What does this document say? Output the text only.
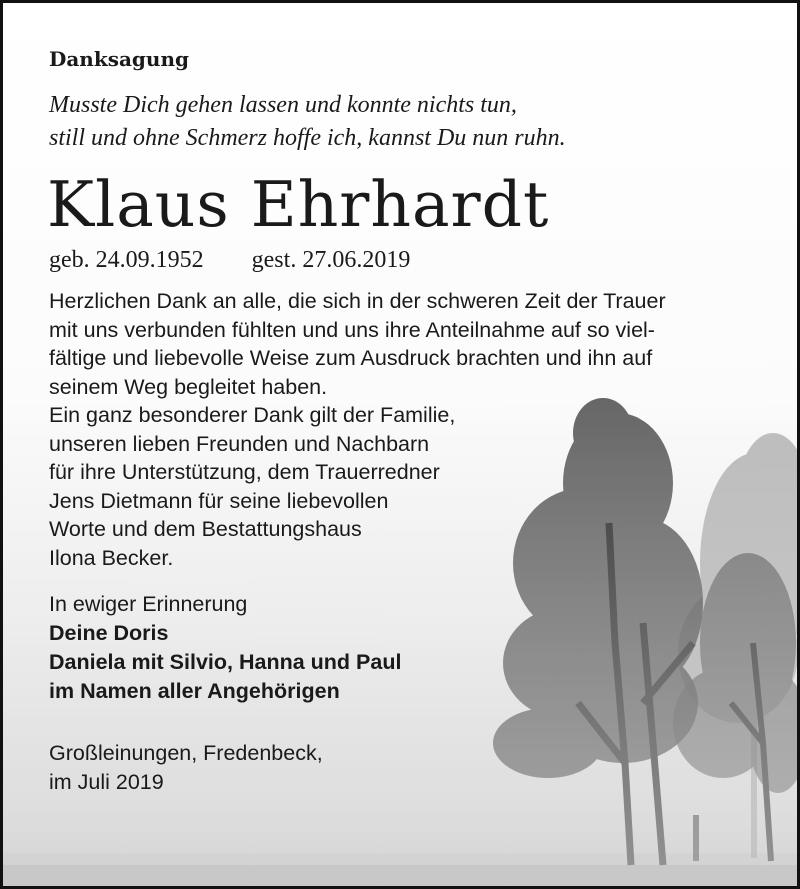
Danksagung
Musste Dich gehen lassen und konnte nichts tun,
still und ohne Schmerz hoffe ich, kannst Du nun ruhn.
Klaus Ehrhardt
geb. 24.09.1952 gest. 27.06.2019
Herzlichen Dank an alle, die sich in der schweren Zeit der Trauer
mit uns verbunden fühlten und uns ihre Anteilnahme auf so viel-
fältige und liebevolle Weise zum Ausdruck brachten und ihn auf
seinem Weg begleitet haben.
Ein ganz besonderer Dank gilt der Familie,
unseren lieben Freunden und Nachbarn
für ihre Unterstützung, dem Trauerredner
Jens Dietmann für seine liebevollen
Worte und dem Bestattungshaus
Ilona Becker.
In ewiger Erinnerung
Deine Doris
Daniela mit Silvio, Hanna und Paul
im Namen aller Angehörigen
Großleinungen, Fredenbeck,
im Juli 2019
